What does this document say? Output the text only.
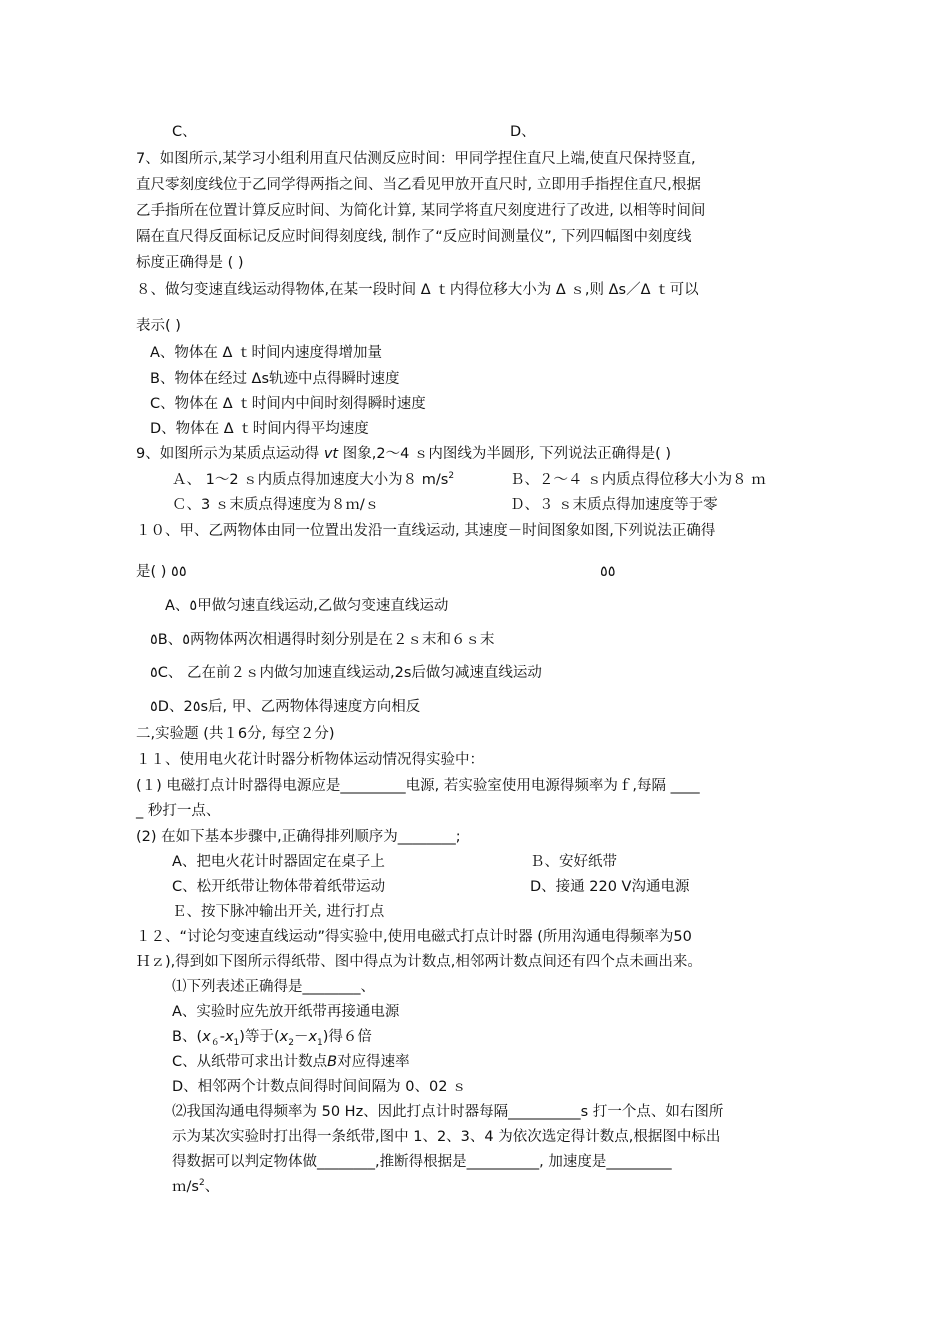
C、	D、
7、如图所示,某学习小组利用直尺估测反应时间：甲同学捏住直尺上端,使直尺保持竖直,
直尺零刻度线位于乙同学得两指之间、当乙看见甲放开直尺时, 立即用手指捏住直尺,根据
乙手指所在位置计算反应时间、为简化计算, 某同学将直尺刻度进行了改进, 以相等时间间
隔在直尺得反面标记反应时间得刻度线, 制作了“反应时间测量仪”, 下列四幅图中刻度线
标度正确得是 ( )
８、做匀变速直线运动得物体,在某一段时间 Δ ｔ内得位移大小为 Δ ｓ,则 Δs／Δ ｔ可以
表示( )
A、物体在 Δ ｔ时间内速度得增加量
B、物体在经过 Δs轨迹中点得瞬时速度
C、物体在 Δ ｔ时间内中间时刻得瞬时速度
D、物体在 Δ ｔ时间内得平均速度
9、如图所示为某质点运动得 vt 图象,2～4 ｓ内图线为半圆形, 下列说法正确得是( )
Ａ、 1～2 ｓ内质点得加速度大小为８ $m/s^2$	Ｂ、２～４ ｓ内质点得位移大小为８ ｍ
Ｃ、3 ｓ末质点得速度为８ｍ/ｓ	Ｄ、３ ｓ末质点得加速度等于零
１０、甲、乙两物体由同一位置出发沿一直线运动, 其速度－时间图象如图,下列说法正确得
是( ) ٥٥	٥٥
A、٥甲做匀速直线运动,乙做匀变速直线运动
٥B、٥两物体两次相遇得时刻分别是在２ｓ末和６ｓ末
٥C、 乙在前２ｓ内做匀加速直线运动,2s后做匀减速直线运动
٥D、2٥s后, 甲、乙两物体得速度方向相反
二,实验题 (共１6分, 每空２分)
１１、使用电火花计时器分析物体运动情况得实验中：
(１) 电磁打点计时器得电源应是_________电源, 若实验室使用电源得频率为ｆ,每隔 ____
_ 秒打一点、
(2) 在如下基本步骤中,正确得排列顺序为________;
A、把电火花计时器固定在桌子上	Ｂ、安好纸带
C、松开纸带让物体带着纸带运动	D、接通 220 V沟通电源
Ｅ、按下脉冲输出开关, 进行打点
１２、“讨论匀变速直线运动”得实验中,使用电磁式打点计时器 (所用沟通电得频率为50
Ｈｚ),得到如下图所示得纸带、图中得点为计数点,相邻两计数点间还有四个点未画出来。
⑴下列表述正确得是________、
A、实验时应先放开纸带再接通电源
B、$(x_6-x_1)$等于$(x_2-x_1)$得６倍
C、从纸带可求出计数点B对应得速率
D、相邻两个计数点间得时间间隔为 0、02 ｓ
⑵我国沟通电得频率为 50 Hz、因此打点计时器每隔__________s 打一个点、如右图所
示为某次实验时打出得一条纸带,图中 1、2、3、4 为依次选定得计数点,根据图中标出
得数据可以判定物体做________,推断得根据是__________, 加速度是_________
$m/s^2$、
